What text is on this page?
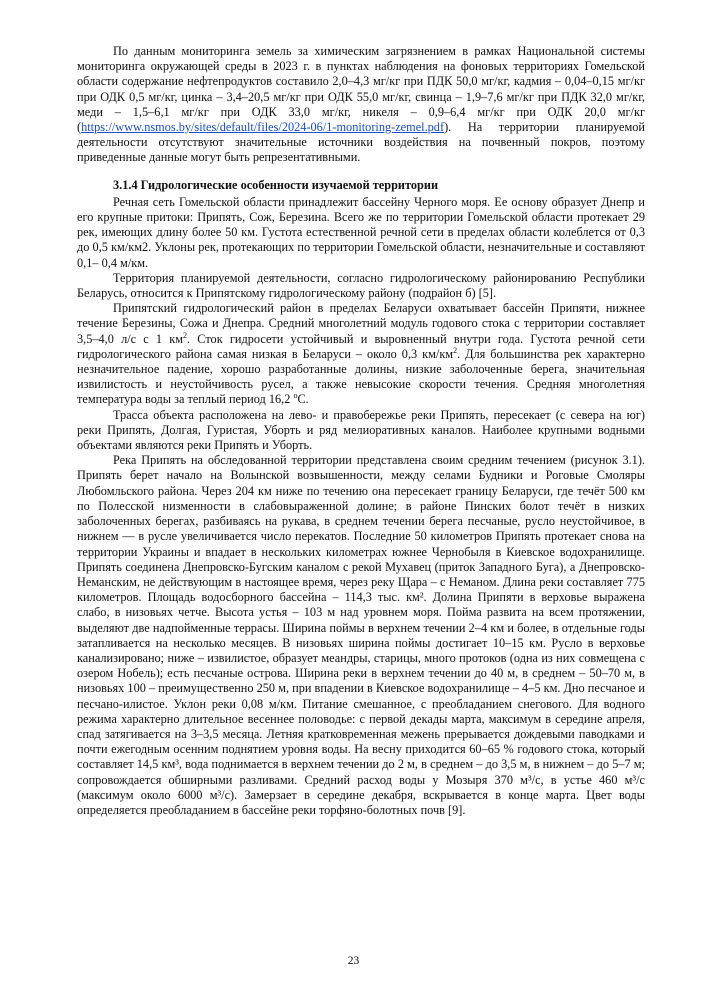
По данным мониторинга земель за химическим загрязнением в рамках Национальной системы мониторинга окружающей среды в 2023 г. в пунктах наблюдения на фоновых территориях Гомельской области содержание нефтепродуктов составило 2,0–4,3 мг/кг при ПДК 50,0 мг/кг, кадмия – 0,04–0,15 мг/кг при ОДК 0,5 мг/кг, цинка – 3,4–20,5 мг/кг при ОДК 55,0 мг/кг, свинца – 1,9–7,6 мг/кг при ПДК 32,0 мг/кг, меди – 1,5–6,1 мг/кг при ОДК 33,0 мг/кг, никеля – 0,9–6,4 мг/кг при ОДК 20,0 мг/кг (https://www.nsmos.by/sites/default/files/2024-06/1-monitoring-zemel.pdf). На территории планируемой деятельности отсутствуют значительные источники воздействия на почвенный покров, поэтому приведенные данные могут быть репрезентативными.

3.1.4 Гидрологические особенности изучаемой территории

Речная сеть Гомельской области принадлежит бассейну Черного моря. Ее основу образует Днепр и его крупные притоки: Припять, Сож, Березина. Всего же по территории Гомельской области протекает 29 рек, имеющих длину более 50 км. Густота естественной речной сети в пределах области колеблется от 0,3 до 0,5 км/км2. Уклоны рек, протекающих по территории Гомельской области, незначительные и составляют 0,1– 0,4 м/км.

Территория планируемой деятельности, согласно гидрологическому районированию Республики Беларусь, относится к Припятскому гидрологическому району (подрайон б) [5].

Припятский гидрологический район в пределах Беларуси охватывает бассейн Припяти, нижнее течение Березины, Сожа и Днепра. Средний многолетний модуль годового стока с территории составляет 3,5–4,0 л/с с 1 $км^2$. Сток гидросети устойчивый и выровненный внутри года. Густота речной сети гидрологического района самая низкая в Беларуси – около 0,3 $км/км^2$. Для большинства рек характерно незначительное падение, хорошо разработанные долины, низкие заболоченные берега, значительная извилистость и неустойчивость русел, а также невысокие скорости течения. Средняя многолетняя температура воды за теплый период 16,2 $^о$С.

Трасса объекта расположена на лево- и правобережье реки Припять, пересекает (с севера на юг) реки Припять, Долгая, Гуристая, Уборть и ряд мелиоративных каналов. Наиболее крупными водными объектами являются реки Припять и Уборть.

Река Припять на обследованной территории представлена своим средним течением (рисунок 3.1). Припять берет начало на Волынской возвышенности, между селами Будники и Роговые Смоляры Любомльского района. Через 204 км ниже по течению она пересекает границу Беларуси, где течёт 500 км по Полесской низменности в слабовыраженной долине; в районе Пинских болот течёт в низких заболоченных берегах, разбиваясь на рукава, в среднем течении берега песчаные, русло неустойчивое, в нижнем — в русле увеличивается число перекатов. Последние 50 километров Припять протекает снова на территории Украины и впадает в нескольких километрах южнее Чернобыля в Киевское водохранилище. Припять соединена Днепровско-Бугским каналом с рекой Мухавец (приток Западного Буга), а Днепровско-Неманским, не действующим в настоящее время, через реку Щара – с Неманом. Длина реки составляет 775 километров. Площадь водосборного бассейна – 114,3 тыс. км². Долина Припяти в верховье выражена слабо, в низовьях четче. Высота устья – 103 м над уровнем моря. Пойма развита на всем протяжении, выделяют две надпойменные террасы. Ширина поймы в верхнем течении 2–4 км и более, в отдельные годы затапливается на несколько месяцев. В низовьях ширина поймы достигает 10–15 км. Русло в верховье канализировано; ниже – извилистое, образует меандры, старицы, много протоков (одна из них совмещена с озером Нобель); есть песчаные острова. Ширина реки в верхнем течении до 40 м, в среднем – 50–70 м, в низовьях 100 – преимущественно 250 м, при впадении в Киевское водохранилище – 4–5 км. Дно песчаное и песчано-илистое. Уклон реки 0,08 м/км. Питание смешанное, с преобладанием снегового. Для водного режима характерно длительное весеннее половодье: с первой декады марта, максимум в середине апреля, спад затягивается на 3–3,5 месяца. Летняя кратковременная межень прерывается дождевыми паводками и почти ежегодным осенним поднятием уровня воды. На весну приходится 60–65 % годового стока, который составляет 14,5 км³, вода поднимается в верхнем течении до 2 м, в среднем – до 3,5 м, в нижнем – до 5–7 м; сопровождается обширными разливами. Средний расход воды у Мозыря 370 м³/с, в устье 460 м³/с (максимум около 6000 м³/с). Замерзает в середине декабря, вскрывается в конце марта. Цвет воды определяется преобладанием в бассейне реки торфяно-болотных почв [9].

23
